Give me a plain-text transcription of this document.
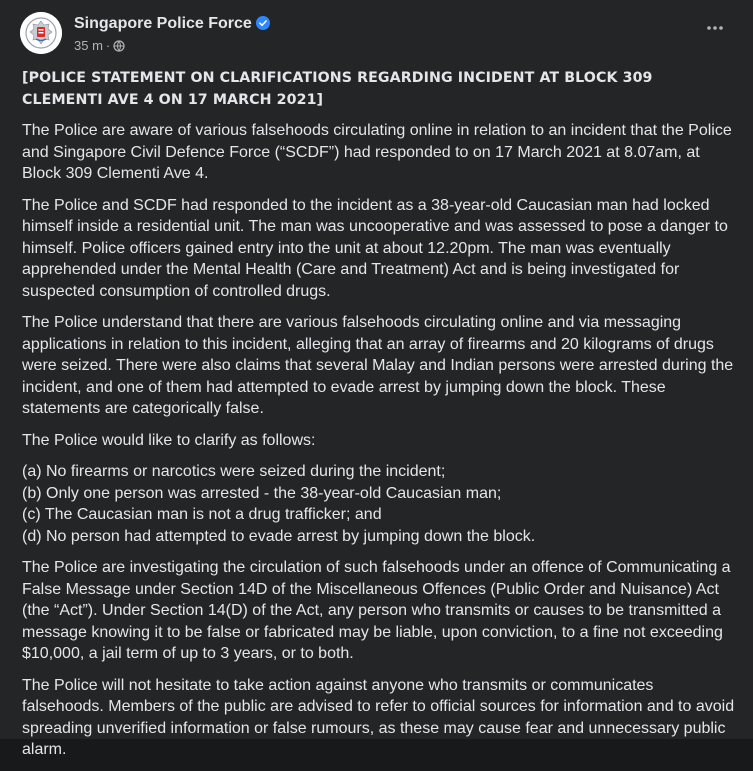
Singapore Police Force
35 m ·

[POLICE STATEMENT ON CLARIFICATIONS REGARDING INCIDENT AT BLOCK 309 CLEMENTI AVE 4 ON 17 MARCH 2021]

The Police are aware of various falsehoods circulating online in relation to an incident that the Police and Singapore Civil Defence Force (“SCDF”) had responded to on 17 March 2021 at 8.07am, at Block 309 Clementi Ave 4.

The Police and SCDF had responded to the incident as a 38-year-old Caucasian man had locked himself inside a residential unit. The man was uncooperative and was assessed to pose a danger to himself. Police officers gained entry into the unit at about 12.20pm. The man was eventually apprehended under the Mental Health (Care and Treatment) Act and is being investigated for suspected consumption of controlled drugs.

The Police understand that there are various falsehoods circulating online and via messaging applications in relation to this incident, alleging that an array of firearms and 20 kilograms of drugs were seized. There were also claims that several Malay and Indian persons were arrested during the incident, and one of them had attempted to evade arrest by jumping down the block. These statements are categorically false.

The Police would like to clarify as follows:

(a) No firearms or narcotics were seized during the incident;
(b) Only one person was arrested - the 38-year-old Caucasian man;
(c) The Caucasian man is not a drug trafficker; and
(d) No person had attempted to evade arrest by jumping down the block.

The Police are investigating the circulation of such falsehoods under an offence of Communicating a False Message under Section 14D of the Miscellaneous Offences (Public Order and Nuisance) Act (the “Act”). Under Section 14(D) of the Act, any person who transmits or causes to be transmitted a message knowing it to be false or fabricated may be liable, upon conviction, to a fine not exceeding $10,000, a jail term of up to 3 years, or to both.

The Police will not hesitate to take action against anyone who transmits or communicates falsehoods. Members of the public are advised to refer to official sources for information and to avoid spreading unverified information or false rumours, as these may cause fear and unnecessary public alarm.
